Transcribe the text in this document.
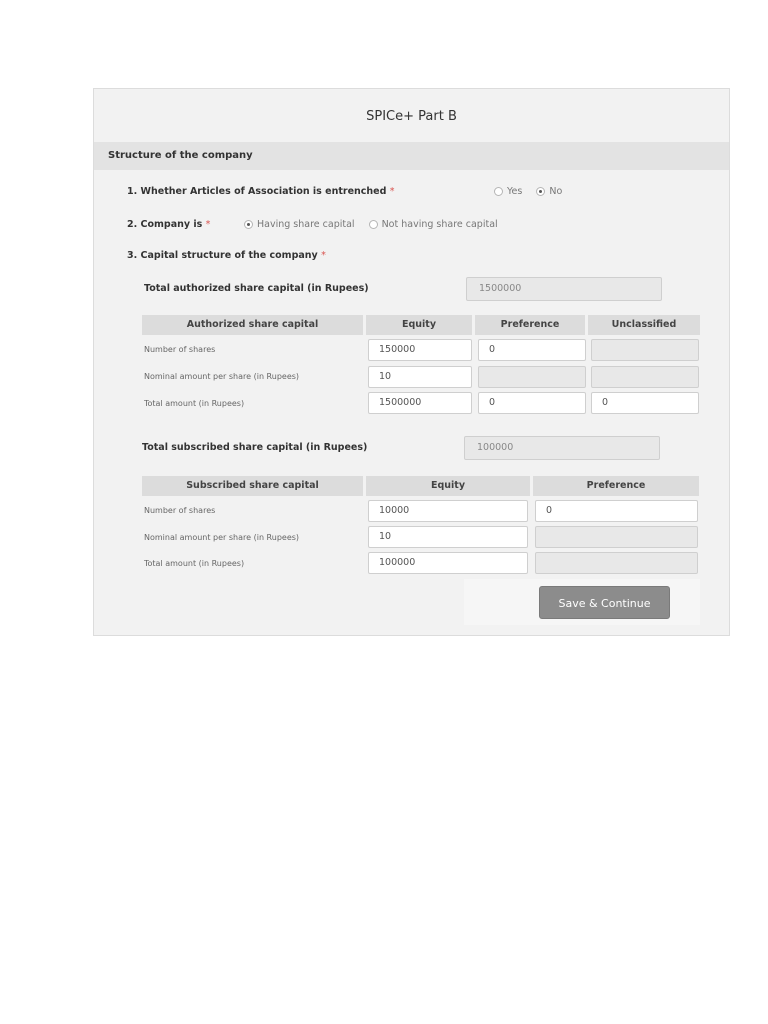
SPICe+ Part B
Structure of the company
1. Whether Articles of Association is entrenched *	Yes	No
2. Company is *	Having share capital	Not having share capital
3. Capital structure of the company *
Total authorized share capital (in Rupees)	1500000
Authorized share capital	Equity	Preference	Unclassified
Number of shares	150000	0
Nominal amount per share (in Rupees)	10
Total amount (in Rupees)	1500000	0	0
Total subscribed share capital (in Rupees)	100000
Subscribed share capital	Equity	Preference
Number of shares	10000	0
Nominal amount per share (in Rupees)	10
Total amount (in Rupees)	100000
Save & Continue
